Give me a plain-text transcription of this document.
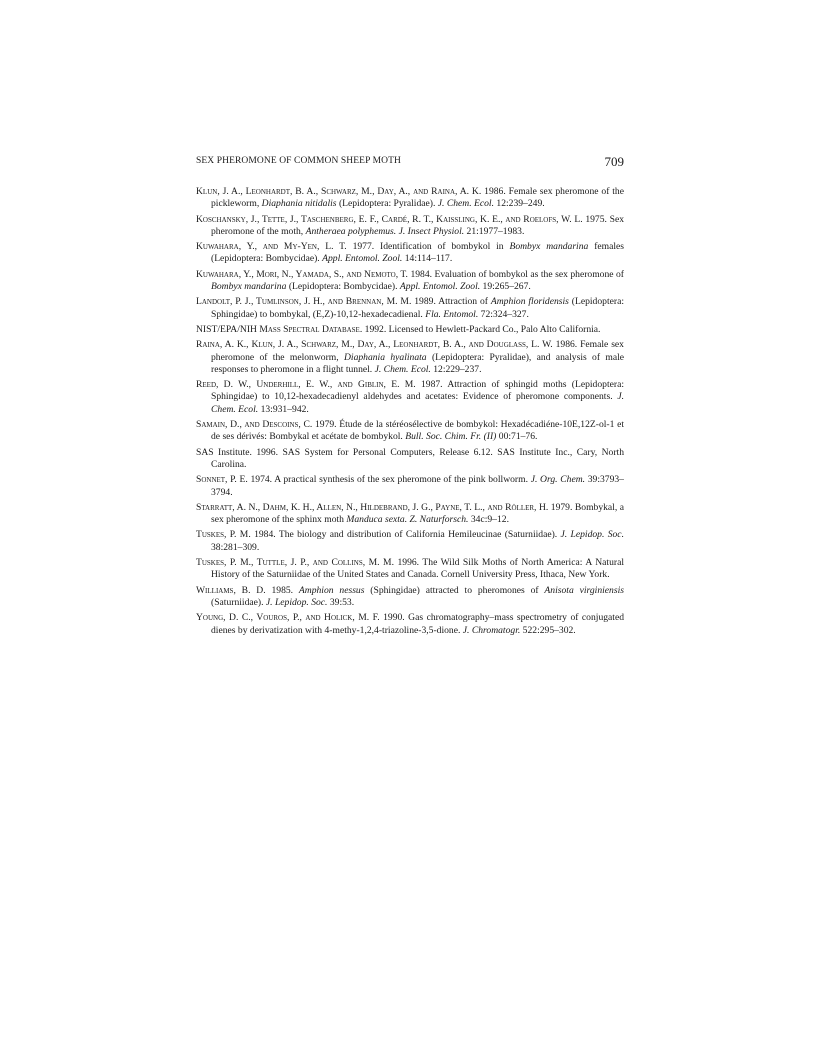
SEX PHEROMONE OF COMMON SHEEP MOTH	709
Klun, J. A., Leonhardt, B. A., Schwarz, M., Day, A., and Raina, A. K. 1986. Female sex pheromone of the pickleworm, Diaphania nitidalis (Lepidoptera: Pyralidae). J. Chem. Ecol. 12:239–249.
Koschansky, J., Tette, J., Taschenberg, E. F., Cardé, R. T., Kaissling, K. E., and Roelofs, W. L. 1975. Sex pheromone of the moth, Antheraea polyphemus. J. Insect Physiol. 21:1977–1983.
Kuwahara, Y., and My-Yen, L. T. 1977. Identification of bombykol in Bombyx mandarina females (Lepidoptera: Bombycidae). Appl. Entomol. Zool. 14:114–117.
Kuwahara, Y., Mori, N., Yamada, S., and Nemoto, T. 1984. Evaluation of bombykol as the sex pheromone of Bombyx mandarina (Lepidoptera: Bombycidae). Appl. Entomol. Zool. 19:265–267.
Landolt, P. J., Tumlinson, J. H., and Brennan, M. M. 1989. Attraction of Amphion floridensis (Lepidoptera: Sphingidae) to bombykal, (E,Z)-10,12-hexadecadienal. Fla. Entomol. 72:324–327.
NIST/EPA/NIH Mass Spectral Database. 1992. Licensed to Hewlett-Packard Co., Palo Alto California.
Raina, A. K., Klun, J. A., Schwarz, M., Day, A., Leonhardt, B. A., and Douglass, L. W. 1986. Female sex pheromone of the melonworm, Diaphania hyalinata (Lepidoptera: Pyralidae), and analysis of male responses to pheromone in a flight tunnel. J. Chem. Ecol. 12:229–237.
Reed, D. W., Underhill, E. W., and Giblin, E. M. 1987. Attraction of sphingid moths (Lepidoptera: Sphingidae) to 10,12-hexadecadienyl aldehydes and acetates: Evidence of pheromone components. J. Chem. Ecol. 13:931–942.
Samain, D., and Descoins, C. 1979. Étude de la stéréosélective de bombykol: Hexadécadiéne-10E,12Z-ol-1 et de ses dérivés: Bombykal et acétate de bombykol. Bull. Soc. Chim. Fr. (II) 00:71–76.
SAS Institute. 1996. SAS System for Personal Computers, Release 6.12. SAS Institute Inc., Cary, North Carolina.
Sonnet, P. E. 1974. A practical synthesis of the sex pheromone of the pink bollworm. J. Org. Chem. 39:3793–3794.
Starratt, A. N., Dahm, K. H., Allen, N., Hildebrand, J. G., Payne, T. L., and Röller, H. 1979. Bombykal, a sex pheromone of the sphinx moth Manduca sexta. Z. Naturforsch. 34c:9–12.
Tuskes, P. M. 1984. The biology and distribution of California Hemileucinae (Saturniidae). J. Lepidop. Soc. 38:281–309.
Tuskes, P. M., Tuttle, J. P., and Collins, M. M. 1996. The Wild Silk Moths of North America: A Natural History of the Saturniidae of the United States and Canada. Cornell University Press, Ithaca, New York.
Williams, B. D. 1985. Amphion nessus (Sphingidae) attracted to pheromones of Anisota virginiensis (Saturniidae). J. Lepidop. Soc. 39:53.
Young, D. C., Vouros, P., and Holick, M. F. 1990. Gas chromatography–mass spectrometry of conjugated dienes by derivatization with 4-methy-1,2,4-triazoline-3,5-dione. J. Chromatogr. 522:295–302.
